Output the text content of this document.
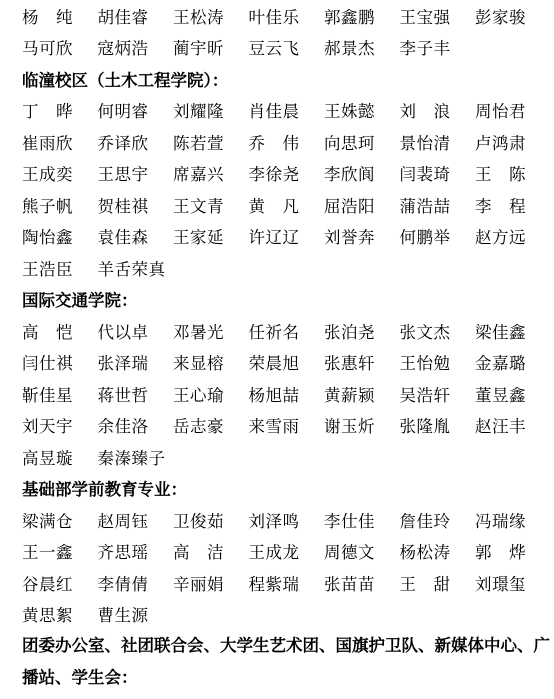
杨　纯	胡佳睿	王松涛	叶佳乐	郭鑫鹏	王宝强	彭家骏
马可欣	寇炳浩	蔺宇昕	豆云飞	郝景杰	李子丰
临潼校区（土木工程学院）：
丁　晔	何明睿	刘耀隆	肖佳晨	王姝懿	刘　浪	周怡君
崔雨欣	乔译欣	陈若萱	乔　伟	向思珂	景怡清	卢鸿肃
王成奕	王思宇	席嘉兴	李徐尧	李欣阆	闫裴琦	王　陈
熊子帆	贺桂祺	王文青	黄　凡	屈浩阳	蒲浩喆	李　程
陶怡鑫	袁佳森	王家延	许辽辽	刘誉奔	何鹏举	赵方远
王浩臣	羊舌荣真
国际交通学院：
高　恺	代以卓	邓暑光	任祈名	张泊尧	张文杰	梁佳鑫
闫仕祺	张泽瑞	来显榕	荣晨旭	张惠轩	王怡勉	金嘉璐
靳佳星	蒋世哲	王心瑜	杨旭喆	黄薪颍	吴浩轩	董昱鑫
刘天宇	余佳洛	岳志豪	来雪雨	谢玉炘	张隆胤	赵汪丰
高昱璇	秦溱臻子
基础部学前教育专业：
梁满仓	赵周钰	卫俊茹	刘泽鸣	李仕佳	詹佳玲	冯瑞缘
王一鑫	齐思瑶	高　洁	王成龙	周德文	杨松涛	郭　烨
谷晨红	李倩倩	辛丽娟	程紫瑞	张苗苗	王　甜	刘璟玺
黄思絮	曹生源
团委办公室、社团联合会、大学生艺术团、国旗护卫队、新媒体中心、广播站、学生会：
